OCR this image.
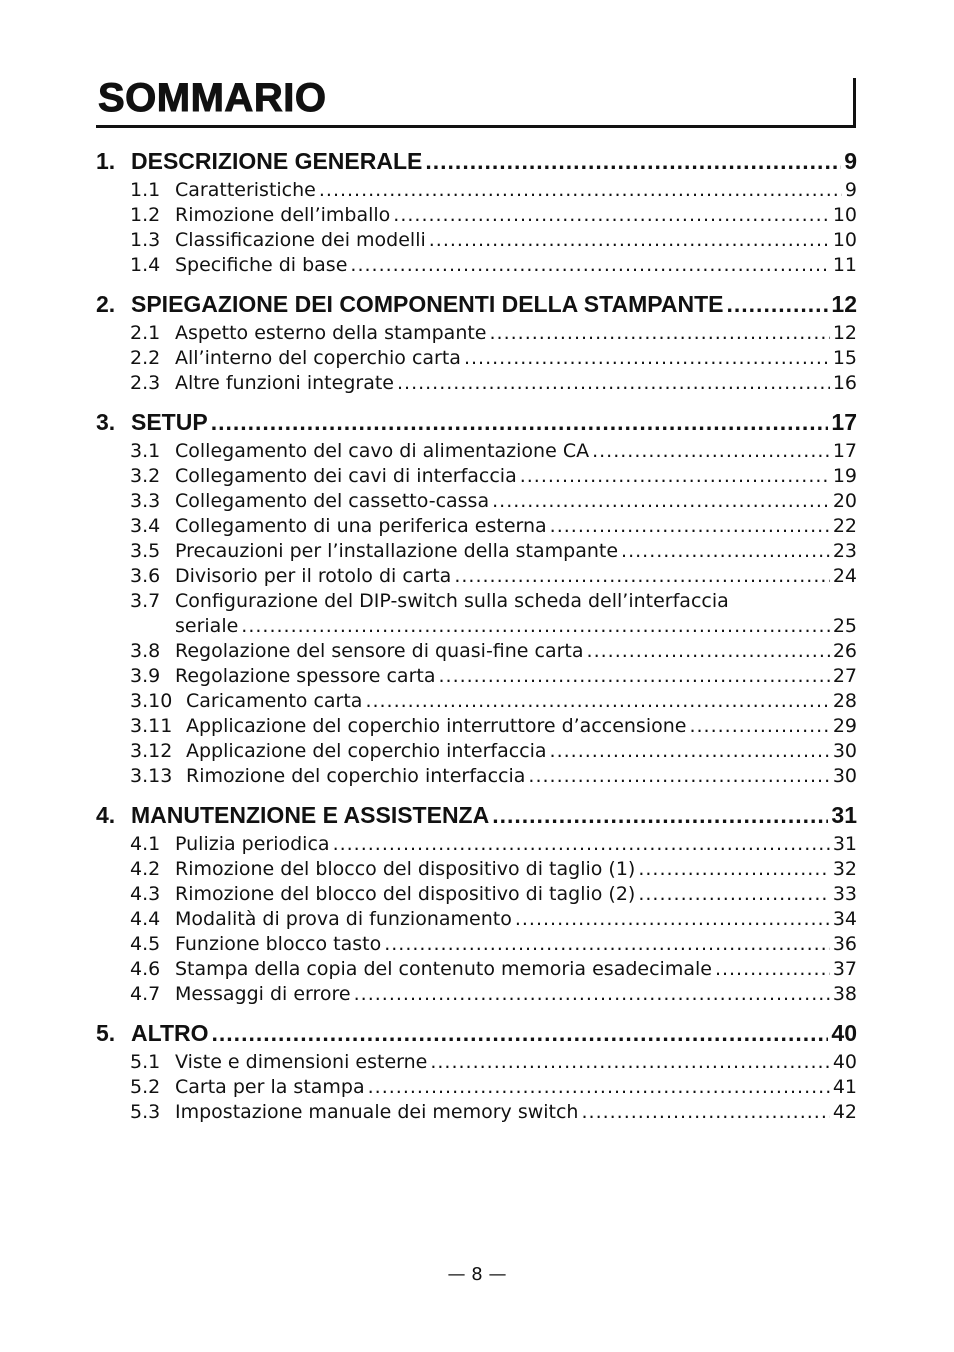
SOMMARIO
1. DESCRIZIONE GENERALE .....	9
1.1 Caratteristiche .....	9
1.2 Rimozione dell’imballo .....	10
1.3 Classificazione dei modelli .....	10
1.4 Specifiche di base .....	11
2. SPIEGAZIONE DEI COMPONENTI DELLA STAMPANTE .....	12
2.1 Aspetto esterno della stampante .....	12
2.2 All’interno del coperchio carta .....	15
2.3 Altre funzioni integrate .....	16
3. SETUP .....	17
3.1 Collegamento del cavo di alimentazione CA .....	17
3.2 Collegamento dei cavi di interfaccia .....	19
3.3 Collegamento del cassetto-cassa .....	20
3.4 Collegamento di una periferica esterna .....	22
3.5 Precauzioni per l’installazione della stampante .....	23
3.6 Divisorio per il rotolo di carta .....	24
3.7 Configurazione del DIP-switch sulla scheda dell’interfaccia
seriale .....	25
3.8 Regolazione del sensore di quasi-fine carta .....	26
3.9 Regolazione spessore carta .....	27
3.10 Caricamento carta .....	28
3.11 Applicazione del coperchio interruttore d’accensione .....	29
3.12 Applicazione del coperchio interfaccia .....	30
3.13 Rimozione del coperchio interfaccia .....	30
4. MANUTENZIONE E ASSISTENZA .....	31
4.1 Pulizia periodica .....	31
4.2 Rimozione del blocco del dispositivo di taglio (1) .....	32
4.3 Rimozione del blocco del dispositivo di taglio (2) .....	33
4.4 Modalità di prova di funzionamento .....	34
4.5 Funzione blocco tasto .....	36
4.6 Stampa della copia del contenuto memoria esadecimale .....	37
4.7 Messaggi di errore .....	38
5. ALTRO .....	40
5.1 Viste e dimensioni esterne .....	40
5.2 Carta per la stampa .....	41
5.3 Impostazione manuale dei memory switch .....	42
— 8 —
